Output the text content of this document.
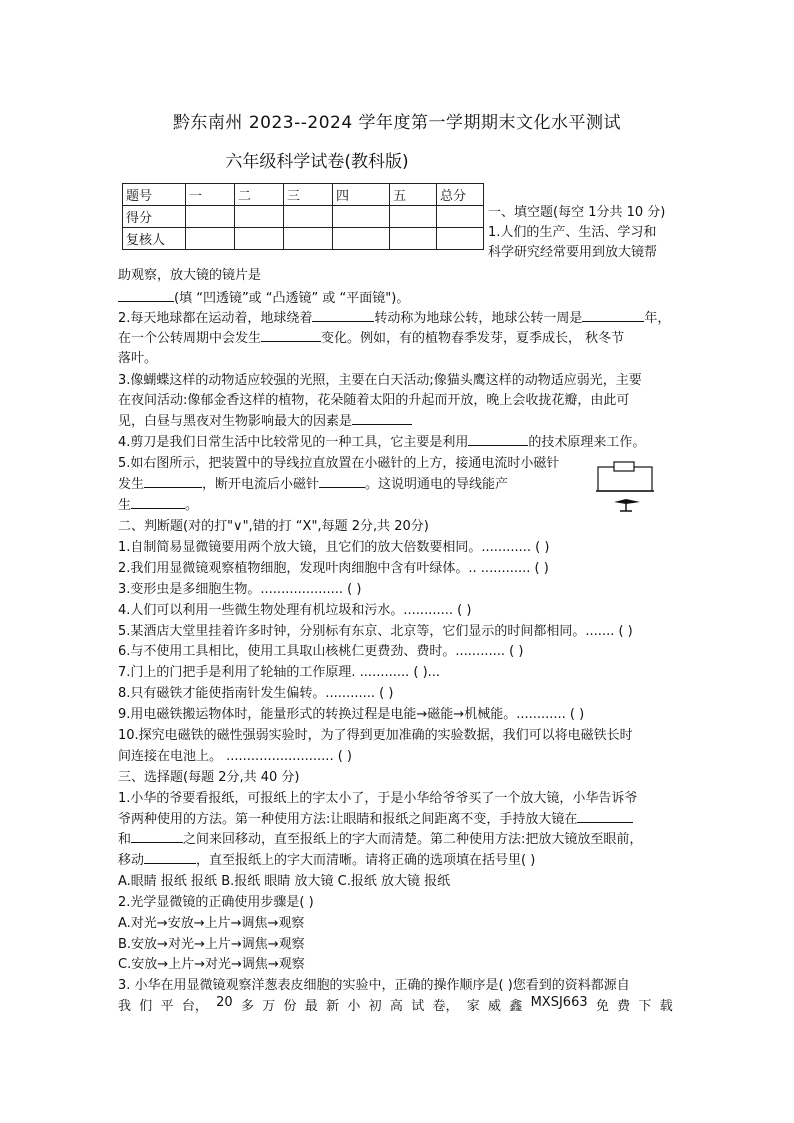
黔东南州 2023--2024 学年度第一学期期末文化水平测试
六年级科学试卷(教科版)
题号	一	二	三	四	五	总分
得分						
复核人						
一、填空题(每空 1分共 10 分)
1.人们的生产、生活、学习和
科学研究经常要用到放大镜帮
助观察，放大镜的镜片是
(填 “凹透镜”或 “凸透镜” 或 “平面镜")。
2.每天地球都在运动着，地球绕着	转动称为地球公转，地球公转一周是	年，
在一个公转周期中会发生	变化。例如，有的植物春季发芽，夏季成长， 秋冬节
落叶。
3.像蝴蝶这样的动物适应较强的光照，主要在白天活动;像猫头鹰这样的动物适应弱光，主要
在夜间活动:像郁金香这样的植物，花朵随着太阳的升起而开放，晚上会收拢花瓣，由此可
见，白昼与黑夜对生物影响最大的因素是
4.剪刀是我们日常生活中比较常见的一种工具，它主要是利用	的技术原理来工作。
5.如右图所示，把装置中的导线拉直放置在小磁针的上方，接通电流时小磁针
发生	，断开电流后小磁针	。这说明通电的导线能产
生	。
二、判断题(对的打"∨",错的打 “X",每题 2分,共 20分)
1.自制简易显微镜要用两个放大镜，且它们的放大倍数要相同。............ ( )
2.我们用显微镜观察植物细胞，发现叶肉细胞中含有叶绿体。.. ............ ( )
3.变形虫是多细胞生物。.................... ( )
4.人们可以利用一些微生物处理有机垃圾和污水。............ ( )
5.某酒店大堂里挂着许多时钟，分别标有东京、北京等，它们显示的时间都相同。....... ( )
6.与不使用工具相比，使用工具取山核桃仁更费劲、费时。............ ( )
7.门上的门把手是利用了轮轴的工作原理. ............ ( )...
8.只有磁铁才能使指南针发生偏转。............ ( )
9.用电磁铁搬运物体时，能量形式的转换过程是电能→磁能→机械能。............ ( )
10.探究电磁铁的磁性强弱实验时，为了得到更加准确的实验数据，我们可以将电磁铁长时
间连接在电池上。 .......................... ( )
三、选择题(每题 2分,共 40 分)
1.小华的爷要看报纸，可报纸上的字太小了，于是小华给爷爷买了一个放大镜，小华告诉爷
爷两种使用的方法。第一种使用方法:让眼睛和报纸之间距离不变，手持放大镜在
和	之间来回移动，直至报纸上的字大而清楚。第二种使用方法:把放大镜放至眼前，
移动	，直至报纸上的字大而清晰。请将正确的选项填在括号里( )
A.眼睛 报纸 报纸 B.报纸 眼睛 放大镜 C.报纸 放大镜 报纸
2.光学显微镜的正确使用步骤是( )
A.对光→安放→上片→调焦→观察
B.安放→对光→上片→调焦→观察
C.安放→上片→对光→调焦→观察
3. 小华在用显微镜观察洋葱表皮细胞的实验中，正确的操作顺序是( )您看到的资料都源自
我 们 平 台， 20 多 万 份 最 新 小 初 高 试 卷， 家 威 鑫 MXSJ663 免 费 下 载
